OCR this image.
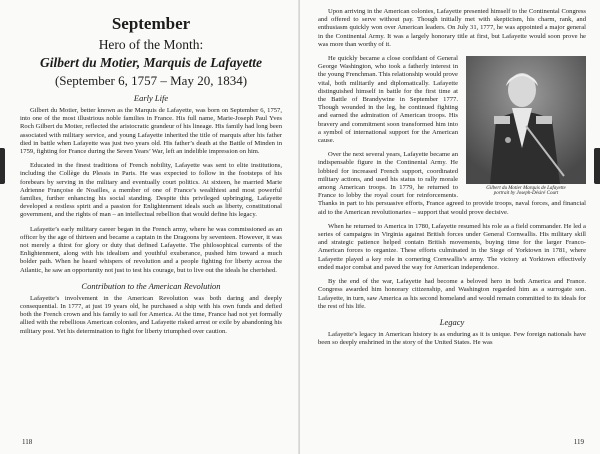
September
Hero of the Month:
Gilbert du Motier, Marquis de Lafayette
(September 6, 1757 – May 20, 1834)
Early Life

Gilbert du Motier, better known as the Marquis de Lafayette, was born on September 6, 1757, into one of the most illustrious noble families in France. His full name, Marie-Joseph Paul Yves Roch Gilbert du Motier, reflected the aristocratic grandeur of his lineage. His family had long been associated with military service, and young Lafayette inherited the title of marquis after his father died in battle when Lafayette was just two years old. His father’s death at the Battle of Minden in 1759, fighting for France during the Seven Years’ War, left an indelible impression on him.

Educated in the finest traditions of French nobility, Lafayette was sent to elite institutions, including the Collège du Plessis in Paris. He was expected to follow in the footsteps of his forebears by serving in the military and eventually court politics. At sixteen, he married Marie Adrienne Françoise de Noailles, a member of one of France’s wealthiest and most powerful families, further enhancing his social standing. Despite this privileged upbringing, Lafayette developed a restless spirit and a passion for Enlightenment ideals such as liberty, constitutional government, and the rights of man – an intellectual rebellion that would define his legacy.

Lafayette’s early military career began in the French army, where he was commissioned as an officer by the age of thirteen and became a captain in the Dragoons by seventeen. However, it was not merely a thirst for glory or duty that defined Lafayette. The philosophical currents of the Enlightenment, along with his idealism and youthful exuberance, pushed him toward a much bolder path. When he heard whispers of revolution and a people fighting for liberty across the Atlantic, he saw an opportunity not just to test his courage, but to live out the ideals he cherished.

Contribution to the American Revolution

Lafayette’s involvement in the American Revolution was both daring and deeply consequential. In 1777, at just 19 years old, he purchased a ship with his own funds and defied both the French crown and his family to sail for America. At the time, France had not yet formally allied with the rebellious American colonies, and Lafayette risked arrest or exile by abandoning his military post. Yet his determination to fight for liberty triumphed over caution.

118

Upon arriving in the American colonies, Lafayette presented himself to the Continental Congress and offered to serve without pay. Though initially met with skepticism, his charm, rank, and enthusiasm quickly won over American leaders. On July 31, 1777, he was appointed a major general in the Continental Army. It was a largely honorary title at first, but Lafayette would soon prove he was more than worthy of it.

Gilbert du Motier Marquis de Lafayette
portrait by Joseph-Désiré Court

He quickly became a close confidant of General George Washington, who took a fatherly interest in the young Frenchman. This relationship would prove vital, both militarily and diplomatically. Lafayette distinguished himself in battle for the first time at the Battle of Brandywine in September 1777. Though wounded in the leg, he continued fighting and earned the admiration of American troops. His bravery and commitment soon transformed him into a symbol of international support for the American cause.

Over the next several years, Lafayette became an indispensable figure in the Continental Army. He lobbied for increased French support, coordinated military actions, and used his status to rally morale among American troops. In 1779, he returned to France to lobby the royal court for reinforcements. Thanks in part to his persuasive efforts, France agreed to provide troops, naval forces, and financial aid to the American revolutionaries – support that would prove decisive.

When he returned to America in 1780, Lafayette resumed his role as a field commander. He led a series of campaigns in Virginia against British forces under General Cornwallis. His military skill and strategic patience helped contain British movements, buying time for the larger Franco-American forces to organize. These efforts culminated in the Siege of Yorktown in 1781, where Lafayette played a key role in cornering Cornwallis’s army. The victory at Yorktown effectively ended major combat and paved the way for American independence.

By the end of the war, Lafayette had become a beloved hero in both America and France. Congress awarded him honorary citizenship, and Washington regarded him as a surrogate son. Lafayette, in turn, saw America as his second homeland and would remain committed to its ideals for the rest of his life.

Legacy

Lafayette’s legacy in American history is as enduring as it is unique. Few foreign nationals have been so deeply enshrined in the story of the United States. He was

119
